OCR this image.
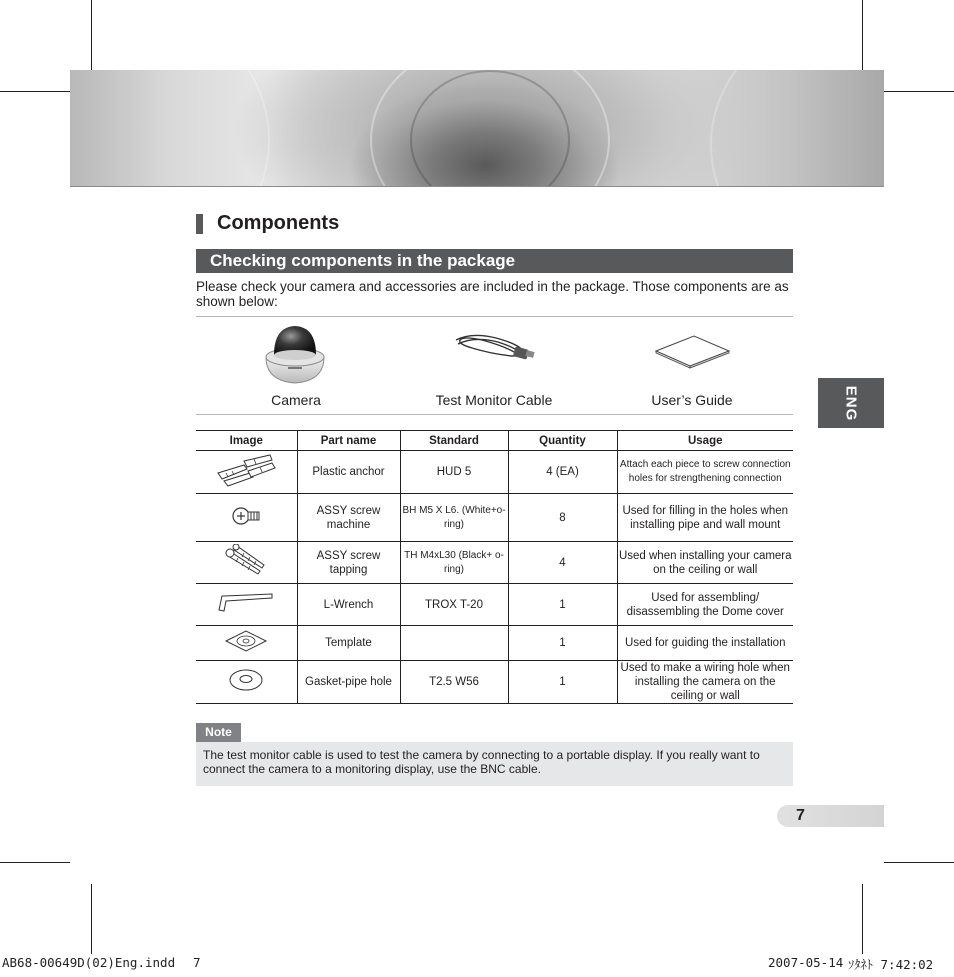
Components
Checking components in the package

Please check your camera and accessories are included in the package. Those components are as shown below:

Camera	Test Monitor Cable	User’s Guide
Image	Part name	Standard	Quantity	Usage
	Plastic anchor	HUD 5	4 (EA)	Attach each piece to screw connection holes for strengthening connection
	ASSY screw machine	BH M5 X L6. (White+o-ring)	8	Used for filling in the holes when installing pipe and wall mount
	ASSY screw tapping	TH M4xL30 (Black+ o-ring)	4	Used when installing your camera on the ceiling or wall
	L-Wrench	TROX T-20	1	Used for assembling/ disassembling the Dome cover
	Template		1	Used for guiding the installation
	Gasket-pipe hole	T2.5 W56	1	Used to make a wiring hole when installing the camera on the ceiling or wall
Note
The test monitor cable is used to test the camera by connecting to a portable display. If you really want to connect the camera to a monitoring display, use the BNC cable.
ENG
7
AB68-00649D(02)Eng.indd 7	2007-05-14 ｿﾀﾈﾄ 7:42:02
